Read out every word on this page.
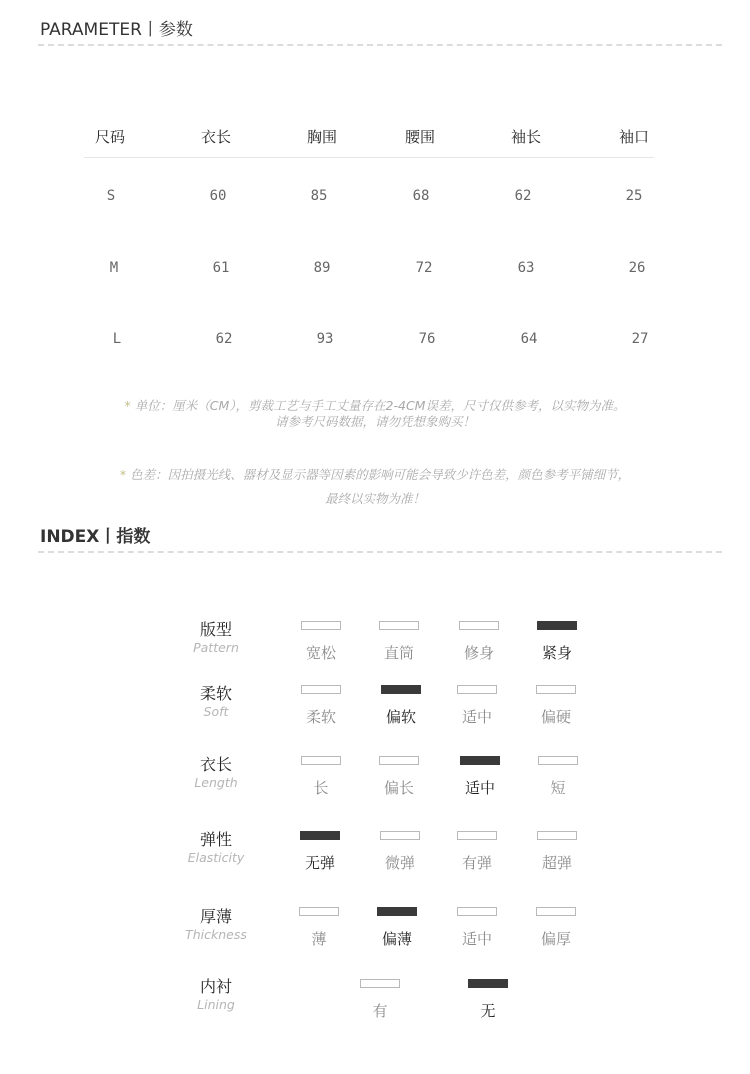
PARAMETER丨参数
尺码	衣长	胸围	腰围	袖长	袖口
S	60	85	68	62	25
M	61	89	72	63	26
L	62	93	76	64	27
* 单位：厘米（CM），剪裁工艺与手工丈量存在2-4CM误差，尺寸仅供参考，以实物为准。
请参考尺码数据，请勿凭想象购买！
* 色差：因拍摄光线、器材及显示器等因素的影响可能会导致少许色差，颜色参考平铺细节，
最终以实物为准！
INDEX丨指数
版型
Pattern	宽松	直筒	修身	紧身
柔软
Soft	柔软	偏软	适中	偏硬
衣长
Length	长	偏长	适中	短
弹性
Elasticity	无弹	微弹	有弹	超弹
厚薄
Thickness	薄	偏薄	适中	偏厚
内衬
Lining	有	无
